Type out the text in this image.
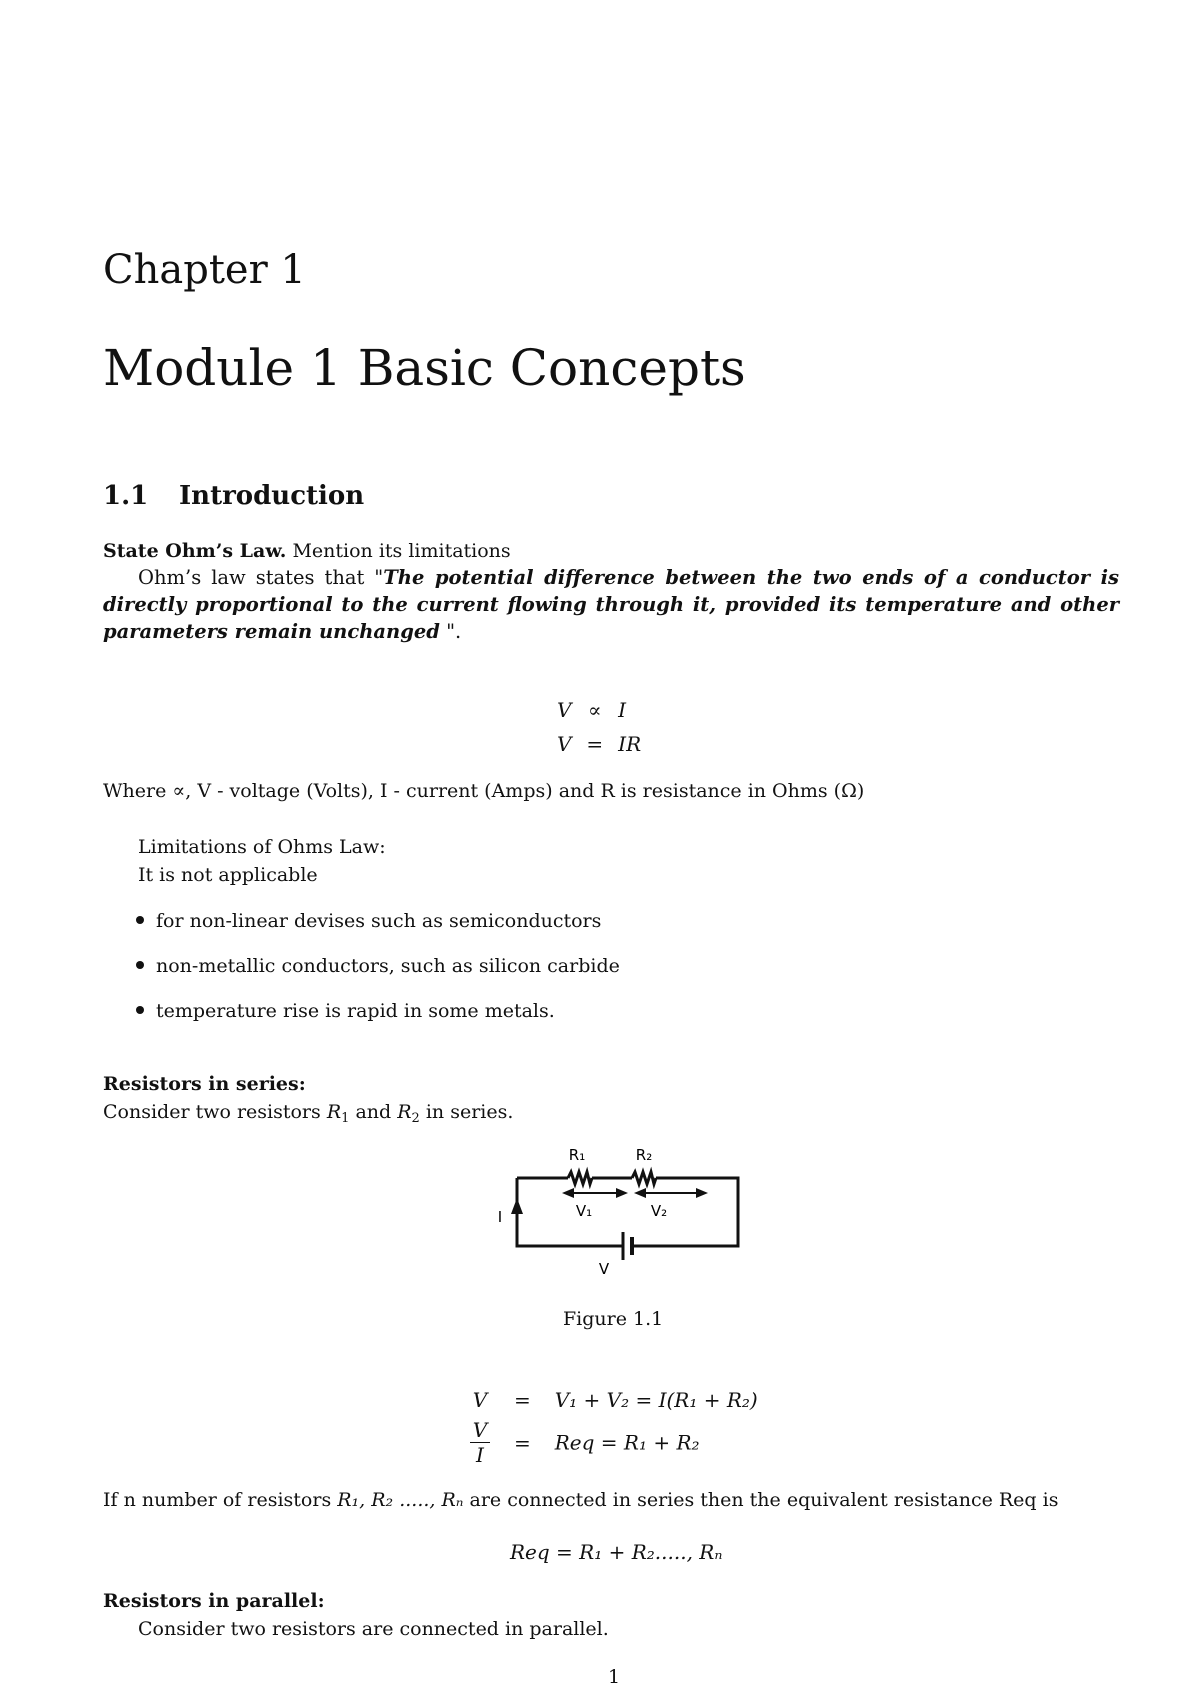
Chapter 1
Module 1 Basic Concepts
1.1 Introduction
State Ohm’s Law. Mention its limitations
Ohm’s law states that "The potential difference between the two ends of a conductor is directly proportional to the current flowing through it, provided its temperature and other parameters remain unchanged ".
V ∝ I
V = IR
Where ∝, V - voltage (Volts), I - current (Amps) and R is resistance in Ohms (Ω)
Limitations of Ohms Law:
It is not applicable
for non-linear devises such as semiconductors
non-metallic conductors, such as silicon carbide
temperature rise is rapid in some metals.
Resistors in series:
Consider two resistors $R_1$ and $R_2$ in series.
R₁	R₂
V₁	V₂
I
V
Figure 1.1
V = V₁ + V₂ = I(R₁ + R₂)
$\frac{V}{I}$ = Req = R₁ + R₂
If n number of resistors R₁, R₂ ....., Rₙ are connected in series then the equivalent resistance Req is
Req = R₁ + R₂....., Rₙ
Resistors in parallel:
Consider two resistors are connected in parallel.
1
